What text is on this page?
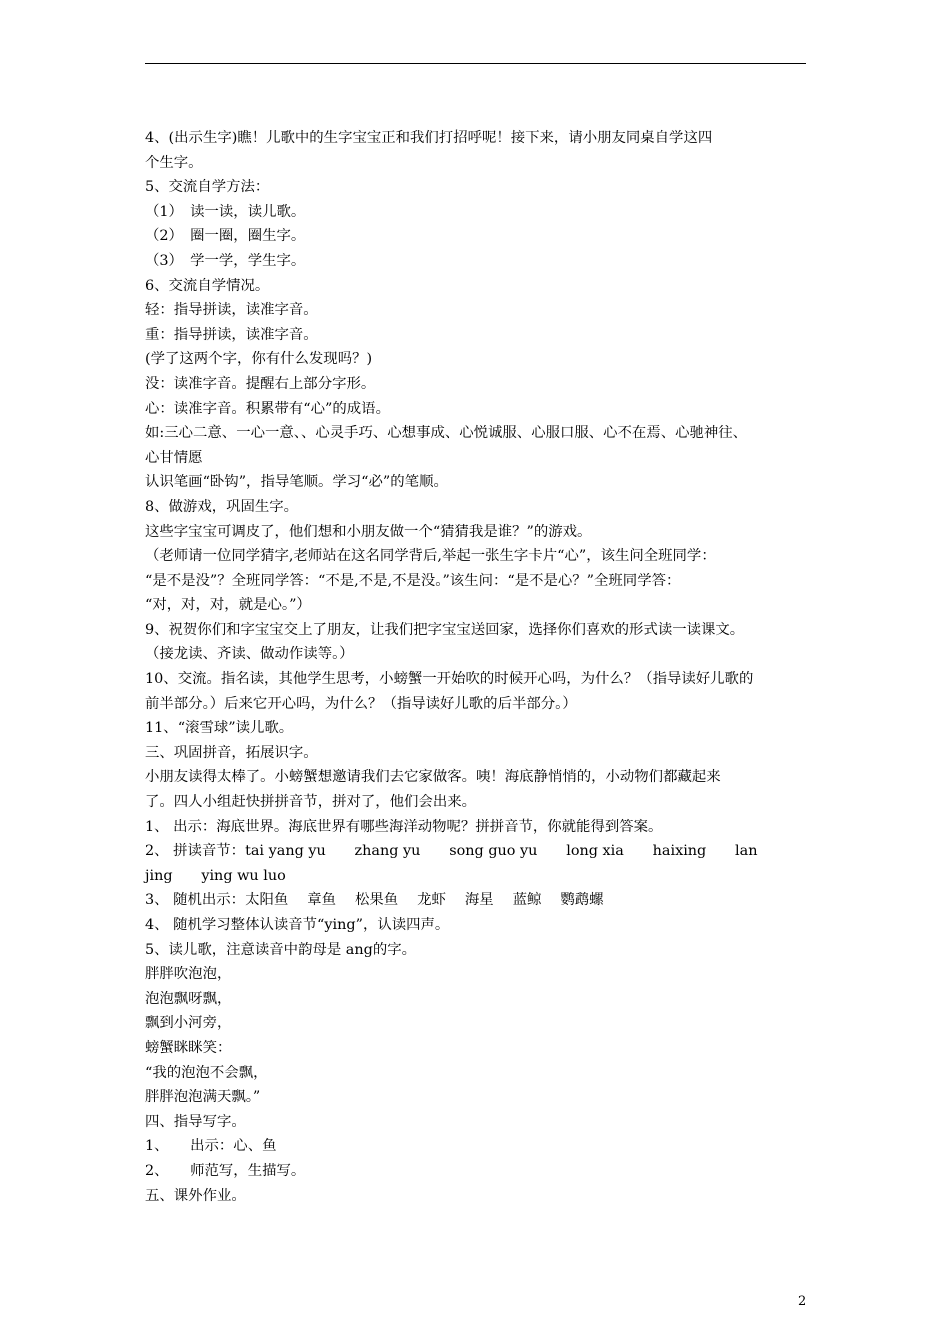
4、(出示生字)瞧！儿歌中的生字宝宝正和我们打招呼呢！接下来，请小朋友同桌自学这四
个生字。
5、交流自学方法：
（1）　读一读，读儿歌。
（2）　圈一圈，圈生字。
（3）　学一学，学生字。
6、交流自学情况。
轻：指导拼读，读准字音。
重：指导拼读，读准字音。
(学了这两个字，你有什么发现吗？)
没：读准字音。提醒右上部分字形。
心：读准字音。积累带有“心”的成语。
如:三心二意、一心一意、、心灵手巧、心想事成、心悦诚服、心服口服、心不在焉、心驰神往、
心甘情愿
认识笔画“卧钩”，指导笔顺。学习“必”的笔顺。
8、做游戏，巩固生字。
这些字宝宝可调皮了，他们想和小朋友做一个“猜猜我是谁？”的游戏。
（老师请一位同学猜字,老师站在这名同学背后,举起一张生字卡片“心”，该生问全班同学：
“是不是没”？全班同学答：“不是,不是,不是没。”该生问：“是不是心？”全班同学答：
“对，对，对，就是心。”）
9、祝贺你们和字宝宝交上了朋友，让我们把字宝宝送回家，选择你们喜欢的形式读一读课文。
（接龙读、齐读、做动作读等。）
10、交流。指名读，其他学生思考，小螃蟹一开始吹的时候开心吗，为什么？（指导读好儿歌的
前半部分。）后来它开心吗，为什么？（指导读好儿歌的后半部分。）
11、“滚雪球”读儿歌。
三、巩固拼音，拓展识字。
小朋友读得太棒了。小螃蟹想邀请我们去它家做客。咦！海底静悄悄的，小动物们都藏起来
了。四人小组赶快拼拼音节，拼对了，他们会出来。
1、 出示：海底世界。海底世界有哪些海洋动物呢？拼拼音节，你就能得到答案。
2、 拼读音节：tai yang yu　　zhang yu　　song guo yu　　long xia　　haixing　　lan
jing　　ying wu luo
3、 随机出示：太阳鱼　 章鱼　 松果鱼　 龙虾　 海星　 蓝鲸　 鹦鹉螺
4、 随机学习整体认读音节“ying”，认读四声。
5、读儿歌，注意读音中韵母是 ang的字。
胖胖吹泡泡，
泡泡飘呀飘，
飘到小河旁，
螃蟹眯眯笑：
“我的泡泡不会飘，
胖胖泡泡满天飘。”
四、指导写字。
1、　　出示：心、鱼
2、　　师范写，生描写。
五、课外作业。
2
